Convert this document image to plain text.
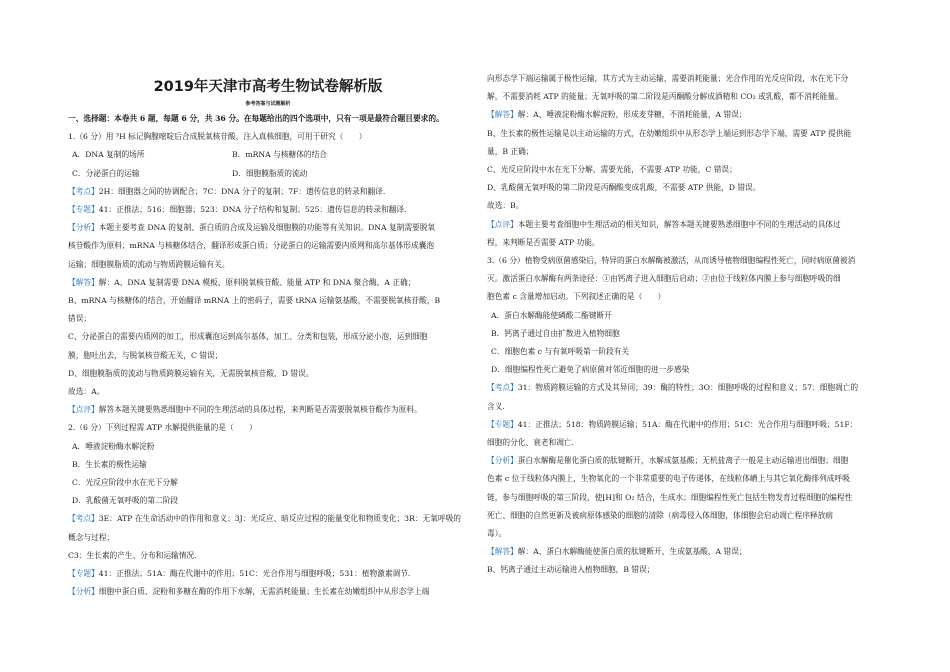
2019年天津市高考生物试卷解析版
参考答案与试题解析
一、选择题：本卷共 6 题，每题 6 分，共 36 分。在每题给出的四个选项中，只有一项是最符合题目要求的。
1.（6 分）用 ³H 标记胸腺嘧啶后合成脱氧核苷酸，注入真核细胞，可用于研究（　　）
A．DNA 复制的场所	B．mRNA 与核糖体的结合
C．分泌蛋白的运输	D．细胞膜脂质的流动
【考点】2H：细胞器之间的协调配合；7C：DNA 分子的复制；7F：遗传信息的转录和翻译.
【专题】41：正推法；516：细胞器；523：DNA 分子结构和复制；525：遗传信息的转录和翻译.
【分析】本题主要考查 DNA 的复制、蛋白质的合成及运输及细胞膜的功能等有关知识。DNA 复制需要脱氧
核苷酸作为原料；mRNA 与核糖体结合，翻译形成蛋白质；分泌蛋白的运输需要内质网和高尔基体形成囊泡
运输；细胞膜脂质的流动与物质跨膜运输有关。
【解答】解：A、DNA 复制需要 DNA 模板、原料脱氧核苷酸、能量 ATP 和 DNA 聚合酶，A 正确；
B、mRNA 与核糖体的结合，开始翻译 mRNA 上的密码子，需要 tRNA 运输氨基酸，不需要脱氧核苷酸，B
错误；
C、分泌蛋白的需要内质网的加工，形成囊泡运到高尔基体，加工、分类和包装，形成分泌小泡，运到细胞
膜，胞吐出去，与脱氧核苷酸无关，C 错误；
D、细胞膜脂质的流动与物质跨膜运输有关，无需脱氧核苷酸，D 错误。
故选：A。
【点评】解答本题关键要熟悉细胞中不同的生理活动的具体过程，来判断是否需要脱氧核苷酸作为原料。
2.（6 分）下列过程需 ATP 水解提供能量的是（　　）
A．唾液淀粉酶水解淀粉
B．生长素的极性运输
C．光反应阶段中水在光下分解
D．乳酸菌无氧呼吸的第二阶段
【考点】3E：ATP 在生命活动中的作用和意义；3J：光反应、暗反应过程的能量变化和物质变化；3R：无氧呼吸的概念与过程；
C3：生长素的产生、分布和运输情况.
【专题】41：正推法；51A：酶在代谢中的作用；51C：光合作用与细胞呼吸；531：植物激素调节.
【分析】细胞中蛋白质、淀粉和多糖在酶的作用下水解，无需消耗能量；生长素在幼嫩组织中从形态学上端
向形态学下端运输属于极性运输，其方式为主动运输，需要消耗能量；光合作用的光反应阶段，水在光下分
解，不需要消耗 ATP 的能量；无氧呼吸的第二阶段是丙酮酸分解成酒精和 CO₂ 或乳酸，都不消耗能量。
【解答】解：A、唾液淀粉酶水解淀粉，形成麦芽糖，不消耗能量，A 错误；
B、生长素的极性运输是以主动运输的方式，在幼嫩组织中从形态学上端运到形态学下端，需要 ATP 提供能
量，B 正确；
C、光反应阶段中水在光下分解，需要光能，不需要 ATP 功能，C 错误；
D、乳酸菌无氧呼吸的第二阶段是丙酮酸变成乳酸，不需要 ATP 供能，D 错误。
故选：B。
【点评】本题主要考查细胞中生理活动的相关知识，解答本题关键要熟悉细胞中不同的生理活动的具体过
程，来判断是否需要 ATP 功能。
3.（6 分）植物受病原菌感染后，特异的蛋白水解酶被激活，从而诱导植物细胞编程性死亡，同时病原菌被消
灭。激活蛋白水解酶有两条途径：①由钙离子进入细胞后启动；②由位于线粒体内膜上参与细胞呼吸的细
胞色素 c 含量增加启动。下列叙述正确的是（　　）
A．蛋白水解酶能使磷酸二酯键断开
B．钙离子通过自由扩散进入植物细胞
C．细胞色素 c 与有氧呼吸第一阶段有关
D．细胞编程性死亡避免了病原菌对邻近细胞的进一步感染
【考点】31：物质跨膜运输的方式及其异同；39：酶的特性；3O：细胞呼吸的过程和意义；57：细胞凋亡的
含义.
【专题】41：正推法；518：物质跨膜运输；51A：酶在代谢中的作用；51C：光合作用与细胞呼吸；51F：
细胞的分化、衰老和凋亡.
【分析】蛋白水解酶是催化蛋白质的肽键断开，水解成氨基酸；无机盐离子一般是主动运输进出细胞；细胞
色素 c 位于线粒体内膜上，生物氧化的一个非常重要的电子传递体，在线粒体嵴上与其它氧化酶排列成呼吸
链，参与细胞呼吸的第三阶段，使[H]和 O₂ 结合，生成水；细胞编程性死亡包括生物发育过程细胞的编程性
死亡、细胞的自然更新及被病原体感染的细胞的清除（病毒侵入体细胞，体细胞会启动凋亡程序释放病
毒）。
【解答】解：A、蛋白水解酶能使蛋白质的肽键断开，生成氨基酸，A 错误；
B、钙离子通过主动运输进入植物细胞，B 错误；
